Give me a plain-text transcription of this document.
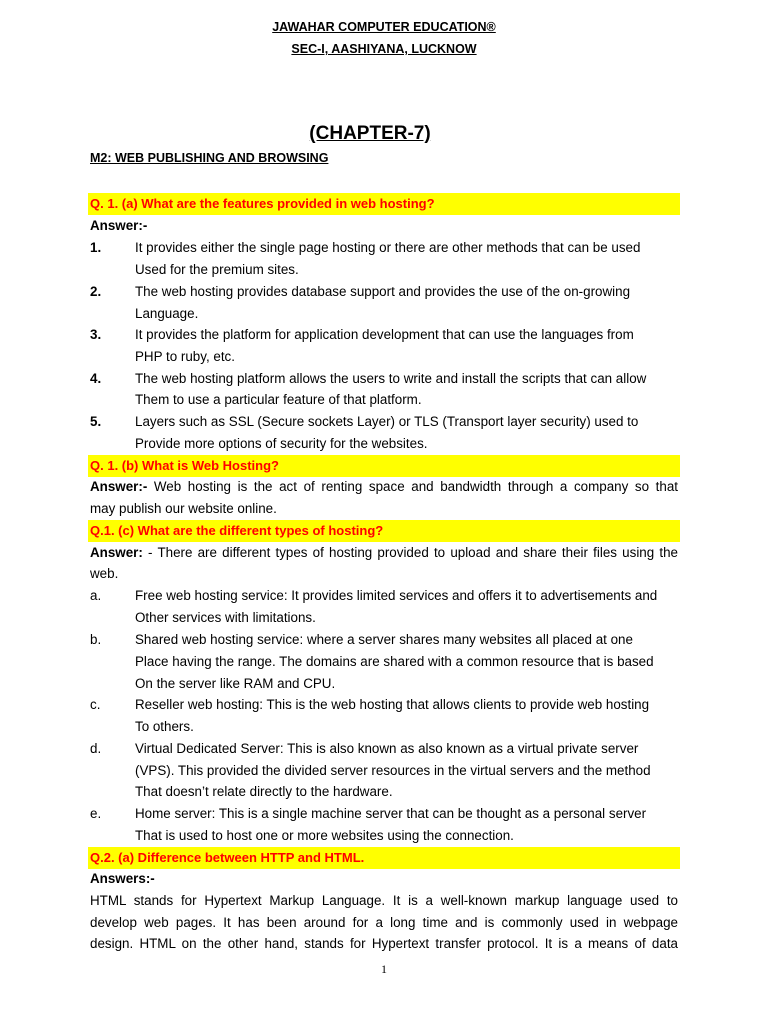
JAWAHAR COMPUTER EDUCATION®
SEC-I, AASHIYANA, LUCKNOW
(CHAPTER-7)
M2: WEB PUBLISHING AND BROWSING
Q. 1. (a) What are the features provided in web hosting?
Answer:-
1.	It provides either the single page hosting or there are other methods that can be used
Used for the premium sites.
2.	The web hosting provides database support and provides the use of the on-growing
Language.
3.	It provides the platform for application development that can use the languages from
PHP to ruby, etc.
4.	The web hosting platform allows the users to write and install the scripts that can allow
Them to use a particular feature of that platform.
5.	Layers such as SSL (Secure sockets Layer) or TLS (Transport layer security) used to
Provide more options of security for the websites.
Q. 1. (b) What is Web Hosting?
Answer:- Web hosting is the act of renting space and bandwidth through a company so that
may publish our website online.
Q.1. (c) What are the different types of hosting?
Answer: - There are different types of hosting provided to upload and share their files using the
web.
a.	Free web hosting service: It provides limited services and offers it to advertisements and
Other services with limitations.
b.	Shared web hosting service: where a server shares many websites all placed at one
Place having the range. The domains are shared with a common resource that is based
On the server like RAM and CPU.
c.	Reseller web hosting: This is the web hosting that allows clients to provide web hosting
To others.
d.	Virtual Dedicated Server: This is also known as also known as a virtual private server
(VPS). This provided the divided server resources in the virtual servers and the method
That doesn’t relate directly to the hardware.
e.	Home server: This is a single machine server that can be thought as a personal server
That is used to host one or more websites using the connection.
Q.2. (a) Difference between HTTP and HTML.
Answers:-
HTML stands for Hypertext Markup Language. It is a well-known markup language used to
develop web pages. It has been around for a long time and is commonly used in webpage
design. HTML on the other hand, stands for Hypertext transfer protocol. It is a means of data
1
